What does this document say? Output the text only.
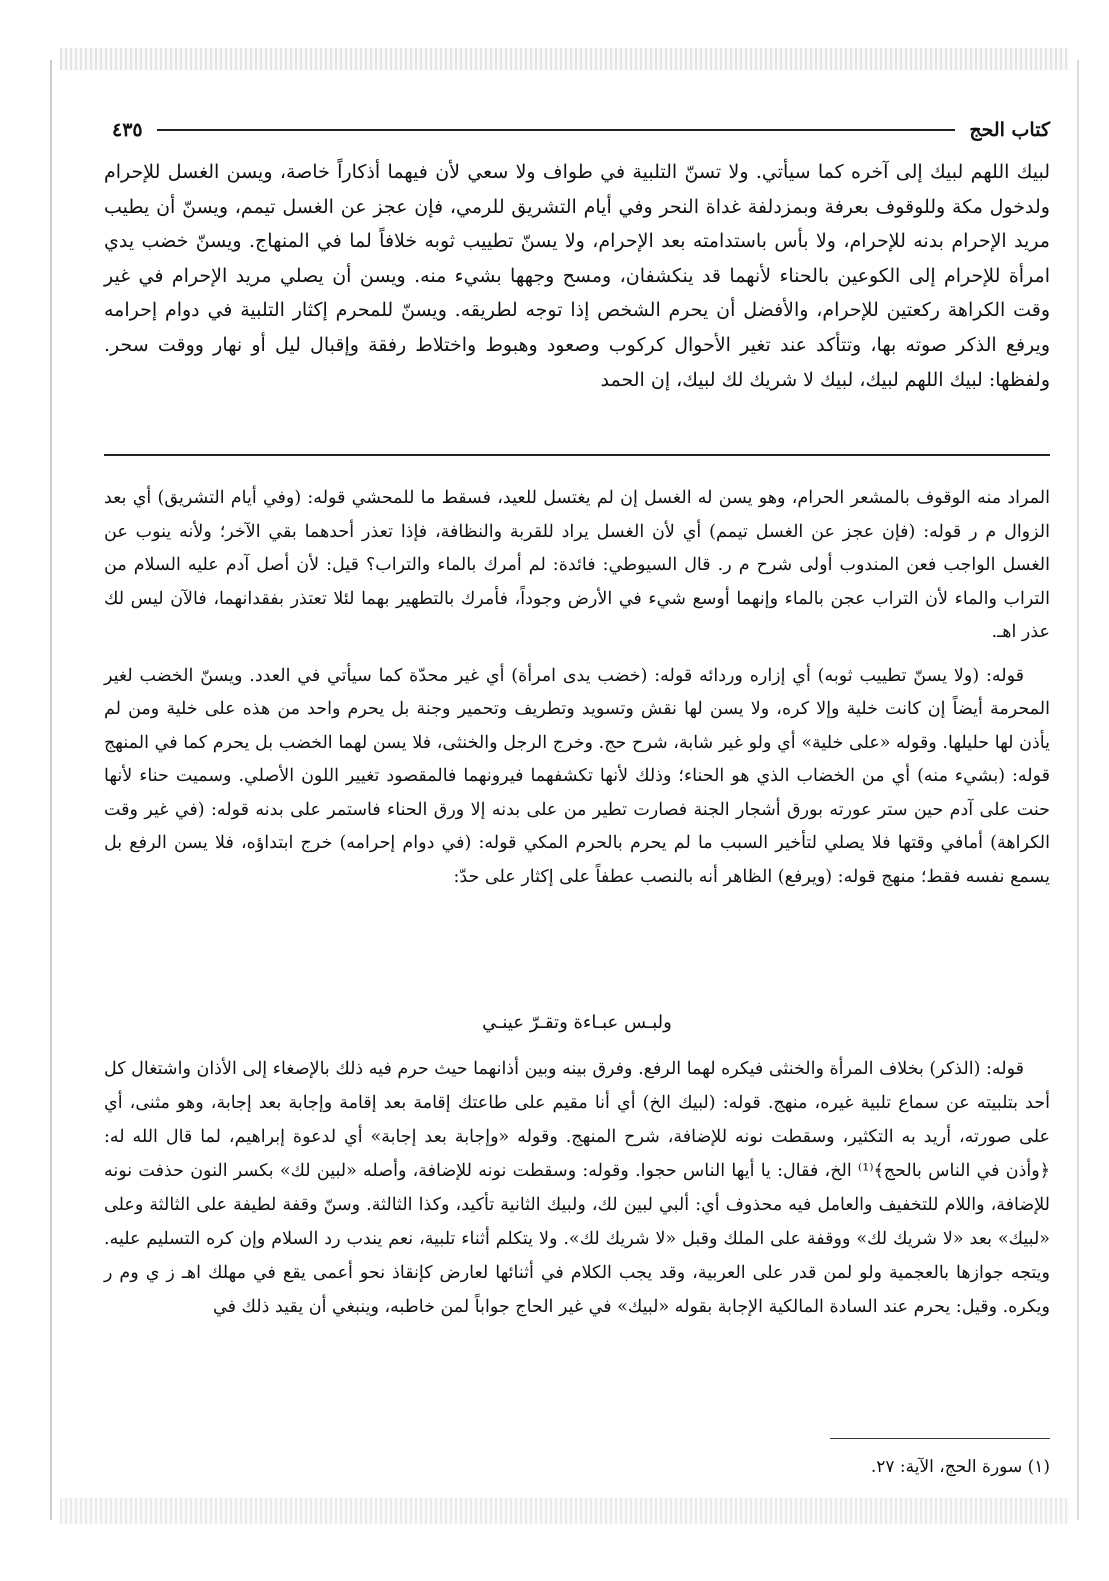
كتاب الحج
٤٣٥
لبيك اللهم لبيك إلى آخره كما سيأتي. ولا تسنّ التلبية في طواف ولا سعي لأن فيهما أذكاراً خاصة، ويسن الغسل للإحرام ولدخول مكة وللوقوف بعرفة وبمزدلفة غداة النحر وفي أيام التشريق للرمي، فإن عجز عن الغسل تيمم، ويسنّ أن يطيب مريد الإحرام بدنه للإحرام، ولا بأس باستدامته بعد الإحرام، ولا يسنّ تطييب ثوبه خلافاً لما في المنهاج. ويسنّ خضب يدي امرأة للإحرام إلى الكوعين بالحناء لأنهما قد ينكشفان، ومسح وجهها بشيء منه. ويسن أن يصلي مريد الإحرام في غير وقت الكراهة ركعتين للإحرام، والأفضل أن يحرم الشخص إذا توجه لطريقه. ويسنّ للمحرم إكثار التلبية في دوام إحرامه ويرفع الذكر صوته بها، وتتأكد عند تغير الأحوال كركوب وصعود وهبوط واختلاط رفقة وإقبال ليل أو نهار ووقت سحر. ولفظها: لبيك اللهم لبيك، لبيك لا شريك لك لبيك، إن الحمد

المراد منه الوقوف بالمشعر الحرام، وهو يسن له الغسل إن لم يغتسل للعيد، فسقط ما للمحشي قوله: (وفي أيام التشريق) أي بعد الزوال م ر قوله: (فإن عجز عن الغسل تيمم) أي لأن الغسل يراد للقربة والنظافة، فإذا تعذر أحدهما بقي الآخر؛ ولأنه ينوب عن الغسل الواجب فعن المندوب أولى شرح م ر. قال السيوطي: فائدة: لم أمرك بالماء والتراب؟ قيل: لأن أصل آدم عليه السلام من التراب والماء لأن التراب عجن بالماء وإنهما أوسع شيء في الأرض وجوداً، فأمرك بالتطهير بهما لئلا تعتذر بفقدانهما، فالآن ليس لك عذر اهـ.

قوله: (ولا يسنّ تطييب ثوبه) أي إزاره وردائه قوله: (خضب يدى امرأة) أي غير محدّة كما سيأتي في العدد. ويسنّ الخضب لغير المحرمة أيضاً إن كانت خلية وإلا كره، ولا يسن لها نقش وتسويد وتطريف وتحمير وجنة بل يحرم واحد من هذه على خلية ومن لم يأذن لها حليلها. وقوله «على خلية» أي ولو غير شابة، شرح حج. وخرج الرجل والخنثى، فلا يسن لهما الخضب بل يحرم كما في المنهج قوله: (بشيء منه) أي من الخضاب الذي هو الحناء؛ وذلك لأنها تكشفهما فيرونهما فالمقصود تغيير اللون الأصلي. وسميت حناء لأنها حنت على آدم حين ستر عورته بورق أشجار الجنة فصارت تطير من على بدنه إلا ورق الحناء فاستمر على بدنه قوله: (في غير وقت الكراهة) أمافي وقتها فلا يصلي لتأخير السبب ما لم يحرم بالحرم المكي قوله: (في دوام إحرامه) خرج ابتداؤه، فلا يسن الرفع بل يسمع نفسه فقط؛ منهج قوله: (ويرفع) الظاهر أنه بالنصب عطفاً على إكثار على حدّ:

ولبـس عبـاءة وتقـرّ عينـي

قوله: (الذكر) بخلاف المرأة والخنثى فيكره لهما الرفع. وفرق بينه وبين أذانهما حيث حرم فيه ذلك بالإصغاء إلى الأذان واشتغال كل أحد بتلبيته عن سماع تلبية غيره، منهج. قوله: (لبيك الخ) أي أنا مقيم على طاعتك إقامة بعد إقامة وإجابة بعد إجابة، وهو مثنى، أي على صورته، أريد به التكثير، وسقطت نونه للإضافة، شرح المنهج. وقوله «وإجابة بعد إجابة» أي لدعوة إبراهيم، لما قال الله له: ﴿وأذن في الناس بالحج﴾⁽¹⁾ الخ، فقال: يا أيها الناس حجوا. وقوله: وسقطت نونه للإضافة، وأصله «لبين لك» بكسر النون حذفت نونه للإضافة، واللام للتخفيف والعامل فيه محذوف أي: ألبي لبين لك، ولبيك الثانية تأكيد، وكذا الثالثة. وسنّ وقفة لطيفة على الثالثة وعلى «لبيك» بعد «لا شريك لك» ووقفة على الملك وقبل «لا شريك لك». ولا يتكلم أثناء تلبية، نعم يندب رد السلام وإن كره التسليم عليه. ويتجه جوازها بالعجمية ولو لمن قدر على العربية، وقد يجب الكلام في أثنائها لعارض كإنقاذ نحو أعمى يقع في مهلك اهـ ز ي وم ر ويكره. وقيل: يحرم عند السادة المالكية الإجابة بقوله «لبيك» في غير الحاج جواباً لمن خاطبه، وينبغي أن يقيد ذلك في

(١) سورة الحج، الآية: ٢٧.
